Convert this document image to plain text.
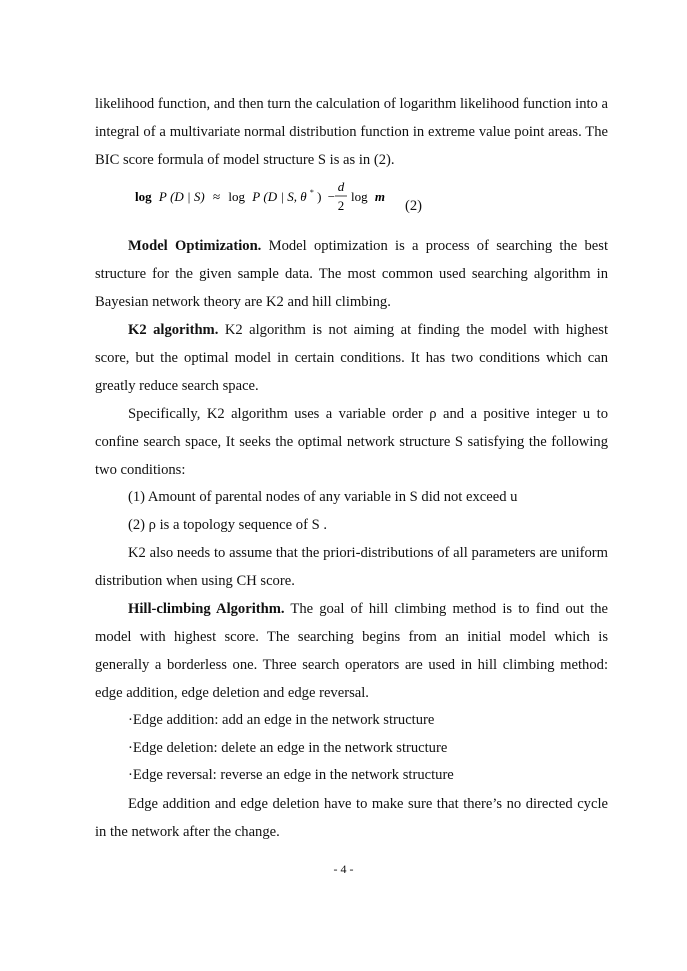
likelihood function, and then turn the calculation of logarithm likelihood function into a integral of a multivariate normal distribution function in extreme value point areas. The BIC score formula of model structure S is as in (2).

log P (D | S) ≈ log P (D | S, θ * ) −
d
2
log m
(2)

Model Optimization. Model optimization is a process of searching the best structure for the given sample data. The most common used searching algorithm in Bayesian network theory are K2 and hill climbing.

K2 algorithm. K2 algorithm is not aiming at finding the model with highest score, but the optimal model in certain conditions. It has two conditions which can greatly reduce search space.

Specifically, K2 algorithm uses a variable order ρ and a positive integer u to confine search space, It seeks the optimal network structure S satisfying the following two conditions:

(1) Amount of parental nodes of any variable in S did not exceed u

(2) ρ is a topology sequence of S .

K2 also needs to assume that the priori-distributions of all parameters are uniform distribution when using CH score.

Hill-climbing Algorithm. The goal of hill climbing method is to find out the model with highest score. The searching begins from an initial model which is generally a borderless one. Three search operators are used in hill climbing method: edge addition, edge deletion and edge reversal.

·Edge addition: add an edge in the network structure

·Edge deletion: delete an edge in the network structure

·Edge reversal: reverse an edge in the network structure

Edge addition and edge deletion have to make sure that there’s no directed cycle in the network after the change.

- 4 -
